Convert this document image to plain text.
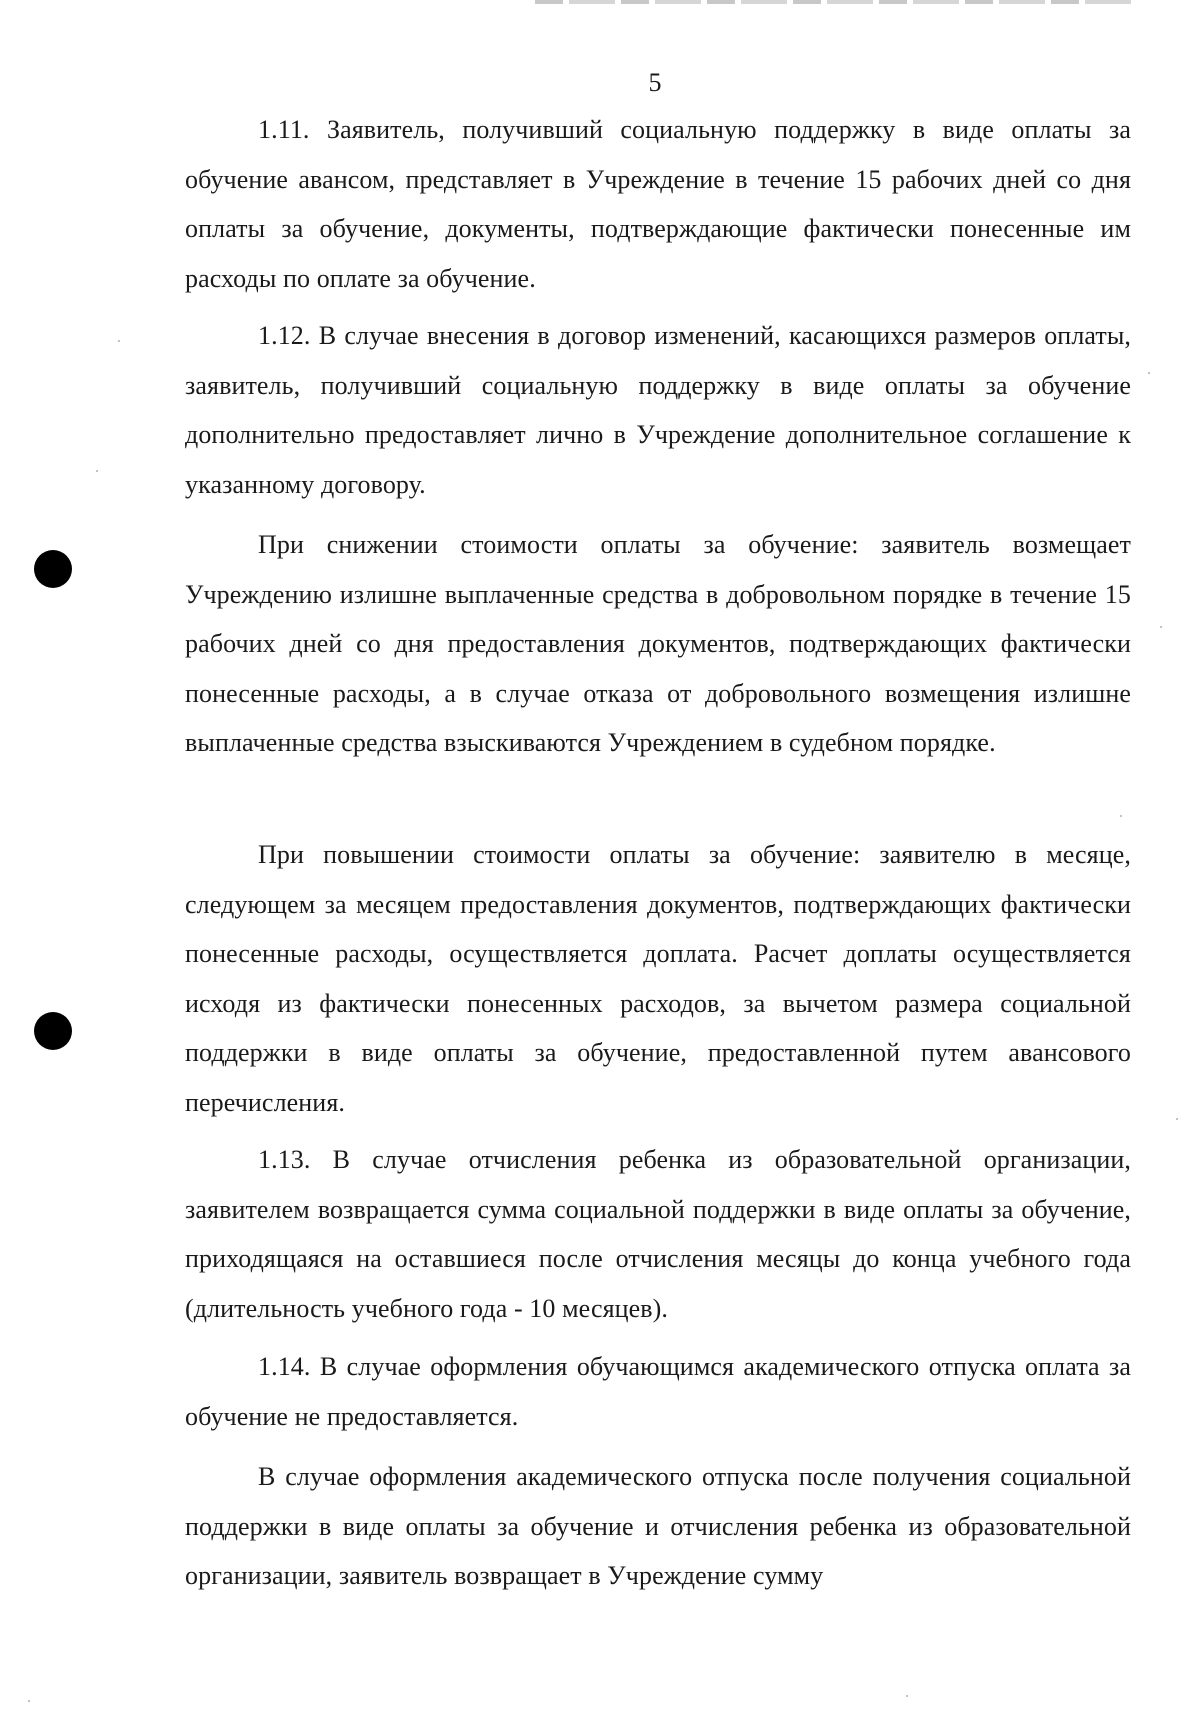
5

1.11. Заявитель, получивший социальную поддержку в виде оплаты за обучение авансом, представляет в Учреждение в течение 15 рабочих дней со дня оплаты за обучение, документы, подтверждающие фактически понесенные им расходы по оплате за обучение.

1.12. В случае внесения в договор изменений, касающихся размеров оплаты, заявитель, получивший социальную поддержку в виде оплаты за обучение дополнительно предоставляет лично в Учреждение дополнительное соглашение к указанному договору.

При снижении стоимости оплаты за обучение: заявитель возмещает Учреждению излишне выплаченные средства в добровольном порядке в течение 15 рабочих дней со дня предоставления документов, подтверждающих фактически понесенные расходы, а в случае отказа от добровольного возмещения излишне выплаченные средства взыскиваются Учреждением в судебном порядке.

При повышении стоимости оплаты за обучение: заявителю в месяце, следующем за месяцем предоставления документов, подтверждающих фактически понесенные расходы, осуществляется доплата. Расчет доплаты осуществляется исходя из фактически понесенных расходов, за вычетом размера социальной поддержки в виде оплаты за обучение, предоставленной путем авансового перечисления.

1.13. В случае отчисления ребенка из образовательной организации, заявителем возвращается сумма социальной поддержки в виде оплаты за обучение, приходящаяся на оставшиеся после отчисления месяцы до конца учебного года (длительность учебного года - 10 месяцев).

1.14. В случае оформления обучающимся академического отпуска оплата за обучение не предоставляется.

В случае оформления академического отпуска после получения социальной поддержки в виде оплаты за обучение и отчисления ребенка из образовательной организации, заявитель возвращает в Учреждение сумму
